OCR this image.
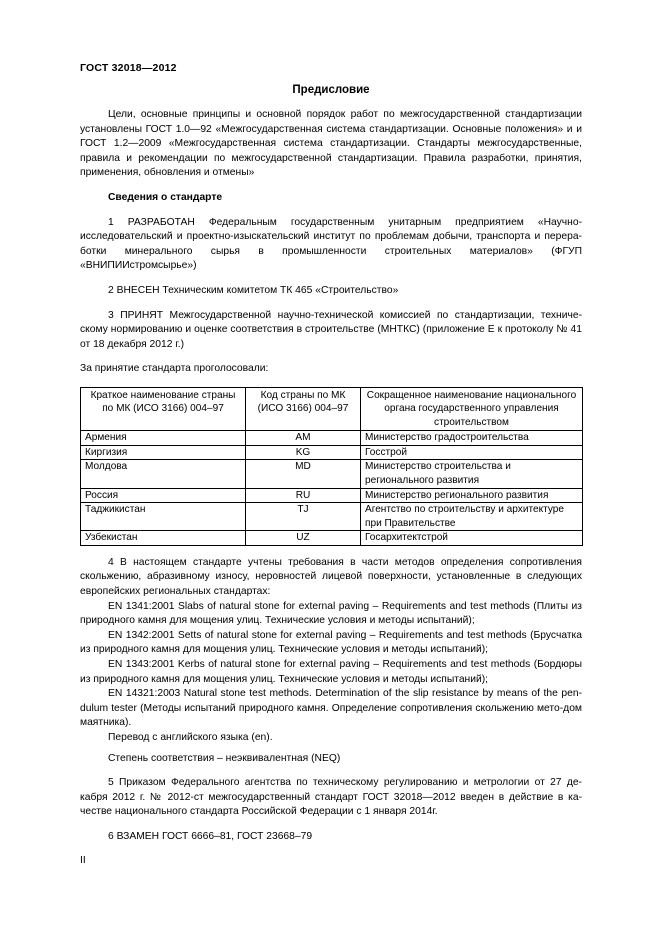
ГОСТ 32018—2012
Предисловие

Цели, основные принципы и основной порядок работ по межгосударственной стандартизации установлены ГОСТ 1.0—92 «Межгосударственная система стандартизации. Основные положения» и и ГОСТ 1.2—2009 «Межгосударственная система стандартизации. Стандарты межгосударственные, правила и рекомендации по межгосударственной стандартизации. Правила разработки, принятия, применения, обновления и отмены»

Сведения о стандарте

1 РАЗРАБОТАН Федеральным государственным унитарным предприятием «Научно-исследовательский и проектно-изыскательский институт по проблемам добычи, транспорта и перера-ботки минерального сырья в промышленности строительных материалов» (ФГУП «ВНИПИИстромсырье»)

2 ВНЕСЕН Техническим комитетом ТК 465 «Строительство»

3 ПРИНЯТ Межгосударственной научно-технической комиссией по стандартизации, техниче-скому нормированию и оценке соответствия в строительстве (МНТКС) (приложение Е к протоколу № 41 от 18 декабря 2012 г.)

За принятие стандарта проголосовали:

Краткое наименование страны по МК (ИСО 3166) 004–97	Код страны по МК (ИСО 3166) 004–97	Сокращенное наименование национального органа государственного управления строительством
Армения	AM	Министерство градостроительства
Киргизия	KG	Госстрой
Молдова	MD	Министерство строительства и регионального развития
Россия	RU	Министерство регионального развития
Таджикистан	TJ	Агентство по строительству и архитектуре при Правительстве
Узбекистан	UZ	Госархитектстрой

4 В настоящем стандарте учтены требования в части методов определения сопротивления скольжению, абразивному износу, неровностей лицевой поверхности, установленные в следующих европейских региональных стандартах:

EN 1341:2001 Slabs of natural stone for external paving – Requirements and test methods (Плиты из природного камня для мощения улиц. Технические условия и методы испытаний);

EN 1342:2001 Setts of natural stone for external paving – Requirements and test methods (Брусчатка из природного камня для мощения улиц. Технические условия и методы испытаний);

EN 1343:2001 Kerbs of natural stone for external paving – Requirements and test methods (Бордюры из природного камня для мощения улиц. Технические условия и методы испытаний);

EN 14321:2003 Natural stone test methods. Determination of the slip resistance by means of the pen-dulum tester (Методы испытаний природного камня. Определение сопротивления скольжению мето-дом маятника).

Перевод с английского языка (en).

Степень соответствия – неэквивалентная (NEQ)

5 Приказом Федерального агентства по техническому регулированию и метрологии от 27 де-кабря 2012 г. № 2012-ст межгосударственный стандарт ГОСТ 32018—2012 введен в действие в ка-честве национального стандарта Российской Федерации с 1 января 2014г.

6 ВЗАМЕН ГОСТ 6666–81, ГОСТ 23668–79

II
